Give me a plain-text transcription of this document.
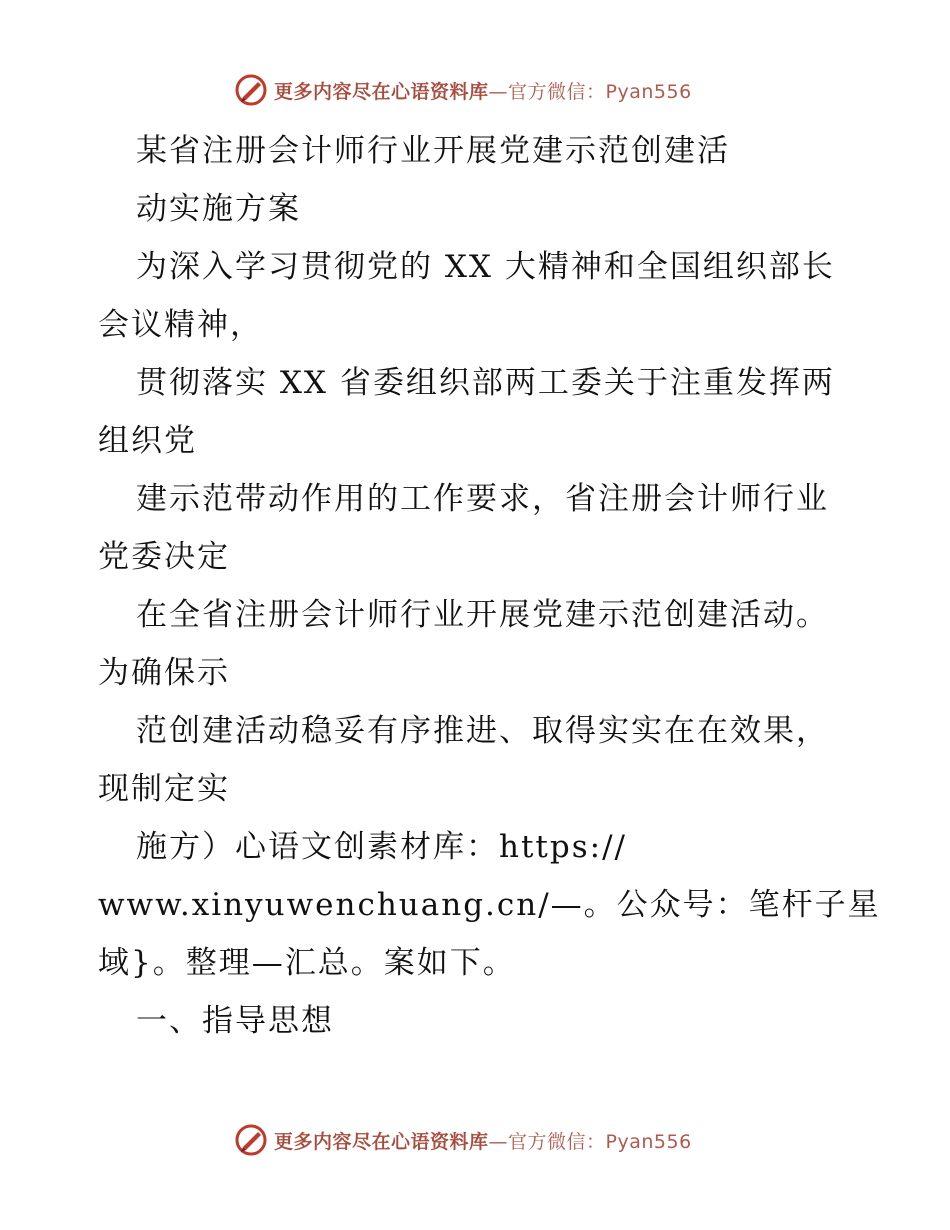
更多内容尽在心语资料库—官方微信：Pyan556
某省注册会计师行业开展党建示范创建活
动实施方案
为深入学习贯彻党的 XX 大精神和全国组织部长
会议精神，
贯彻落实 XX 省委组织部两工委关于注重发挥两
组织党
建示范带动作用的工作要求，省注册会计师行业
党委决定
在全省注册会计师行业开展党建示范创建活动。
为确保示
范创建活动稳妥有序推进、取得实实在在效果，
现制定实
施方）心语文创素材库：https://
www.xinyuwenchuang.cn/—。公众号：笔杆子星
域}。整理—汇总。案如下。
一、指导思想
更多内容尽在心语资料库—官方微信：Pyan556
